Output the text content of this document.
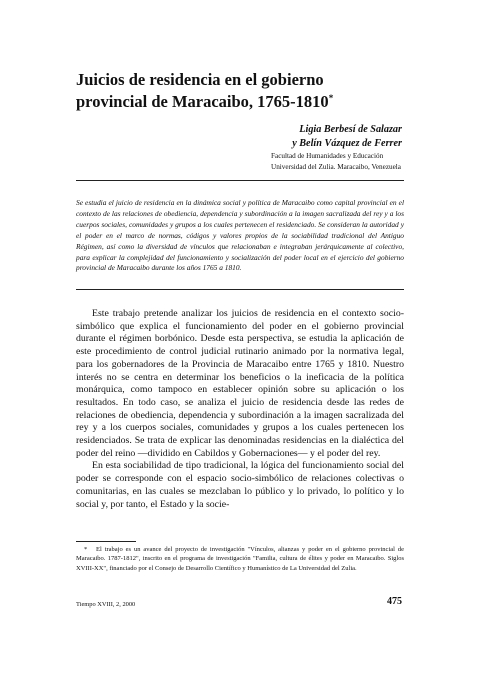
Juicios de residencia en el gobierno provincial de Maracaibo, 1765-1810*
Ligia Berbesí de Salazar
y Belín Vázquez de Ferrer
Facultad de Humanidades y Educación
Universidad del Zulia. Maracaibo, Venezuela

Se estudia el juicio de residencia en la dinámica social y política de Maracaibo como capital provincial en el contexto de las relaciones de obediencia, dependencia y subordinación a la imagen sacralizada del rey y a los cuerpos sociales, comunidades y grupos a los cuales pertenecen el residenciado. Se consideran la autoridad y el poder en el marco de normas, códigos y valores propios de la sociabilidad tradicional del Antiguo Régimen, así como la diversidad de vínculos que relacionaban e integraban jerárquicamente al colectivo, para explicar la complejidad del funcionamiento y socialización del poder local en el ejercicio del gobierno provincial de Maracaibo durante los años 1765 a 1810.

Este trabajo pretende analizar los juicios de residencia en el contexto socio-simbólico que explica el funcionamiento del poder en el gobierno provincial durante el régimen borbónico. Desde esta perspectiva, se estudia la aplicación de este procedimiento de control judicial rutinario animado por la normativa legal, para los gobernadores de la Provincia de Maracaibo entre 1765 y 1810. Nuestro interés no se centra en determinar los beneficios o la ineficacia de la política monárquica, como tampoco en establecer opinión sobre su aplicación o los resultados. En todo caso, se analiza el juicio de residencia desde las redes de relaciones de obediencia, dependencia y subordinación a la imagen sacralizada del rey y a los cuerpos sociales, comunidades y grupos a los cuales pertenecen los residenciados. Se trata de explicar las denominadas residencias en la dialéctica del poder del reino —dividido en Cabildos y Gobernaciones— y el poder del rey.

En esta sociabilidad de tipo tradicional, la lógica del funcionamiento social del poder se corresponde con el espacio socio-simbólico de relaciones colectivas o comunitarias, en las cuales se mezclaban lo público y lo privado, lo político y lo social y, por tanto, el Estado y la socie-

* El trabajo es un avance del proyecto de investigación "Vínculos, alianzas y poder en el gobierno provincial de Maracaibo. 1787-1812", inscrito en el programa de investigación "Familia, cultura de élites y poder en Maracaibo. Siglos XVIII-XX", financiado por el Consejo de Desarrollo Científico y Humanístico de La Universidad del Zulia.

Tiempo XVIII, 2, 2000	475
